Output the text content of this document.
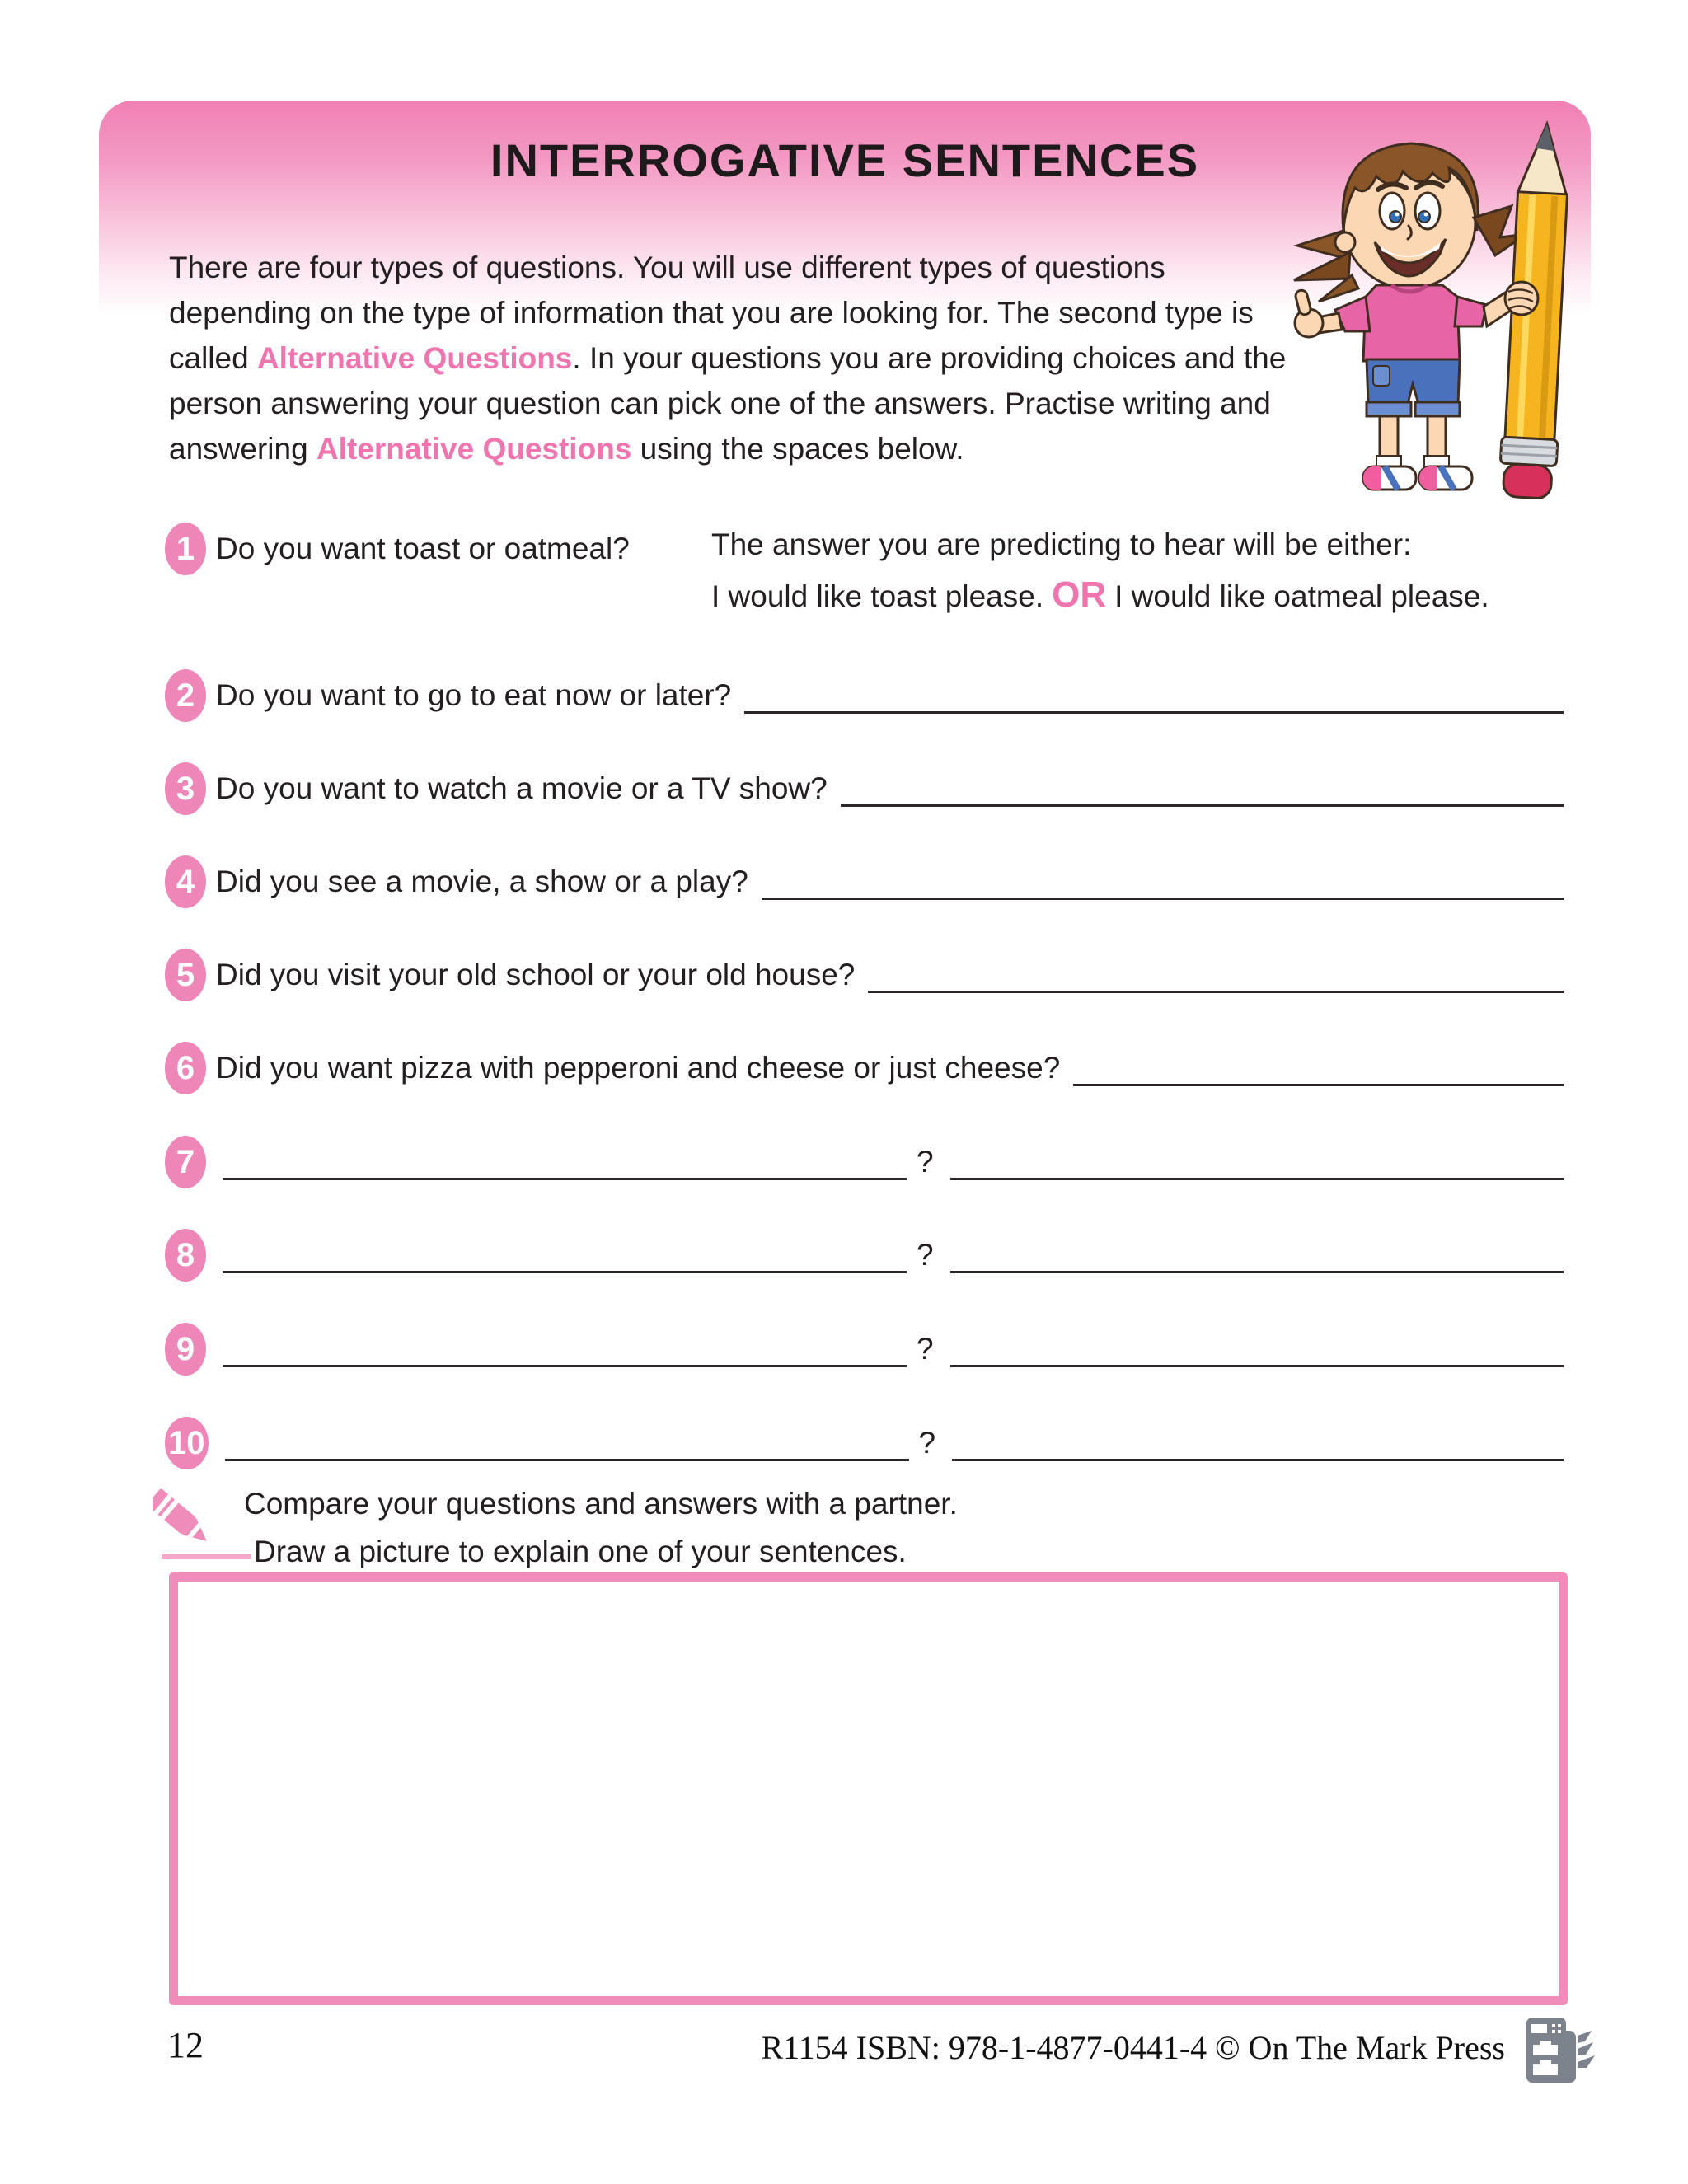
INTERROGATIVE SENTENCES
There are four types of questions. You will use different types of questions
depending on the type of information that you are looking for. The second type is
called Alternative Questions. In your questions you are providing choices and the
person answering your question can pick one of the answers. Practise writing and
answering Alternative Questions using the spaces below.
1 Do you want toast or oatmeal?
2 Do you want to go to eat now or later?
3 Do you want to watch a movie or a TV show?
4 Did you see a movie, a show or a play?
5 Did you visit your old school or your old house?
6 Did you want pizza with pepperoni and cheese or just cheese?
7	?
8	?
9	?
10	?
The answer you are predicting to hear will be either:
I would like toast please. OR I would like oatmeal please.
Compare your questions and answers with a partner.
Draw a picture to explain one of your sentences.
12	R1154 ISBN: 978-1-4877-0441-4 © On The Mark Press
